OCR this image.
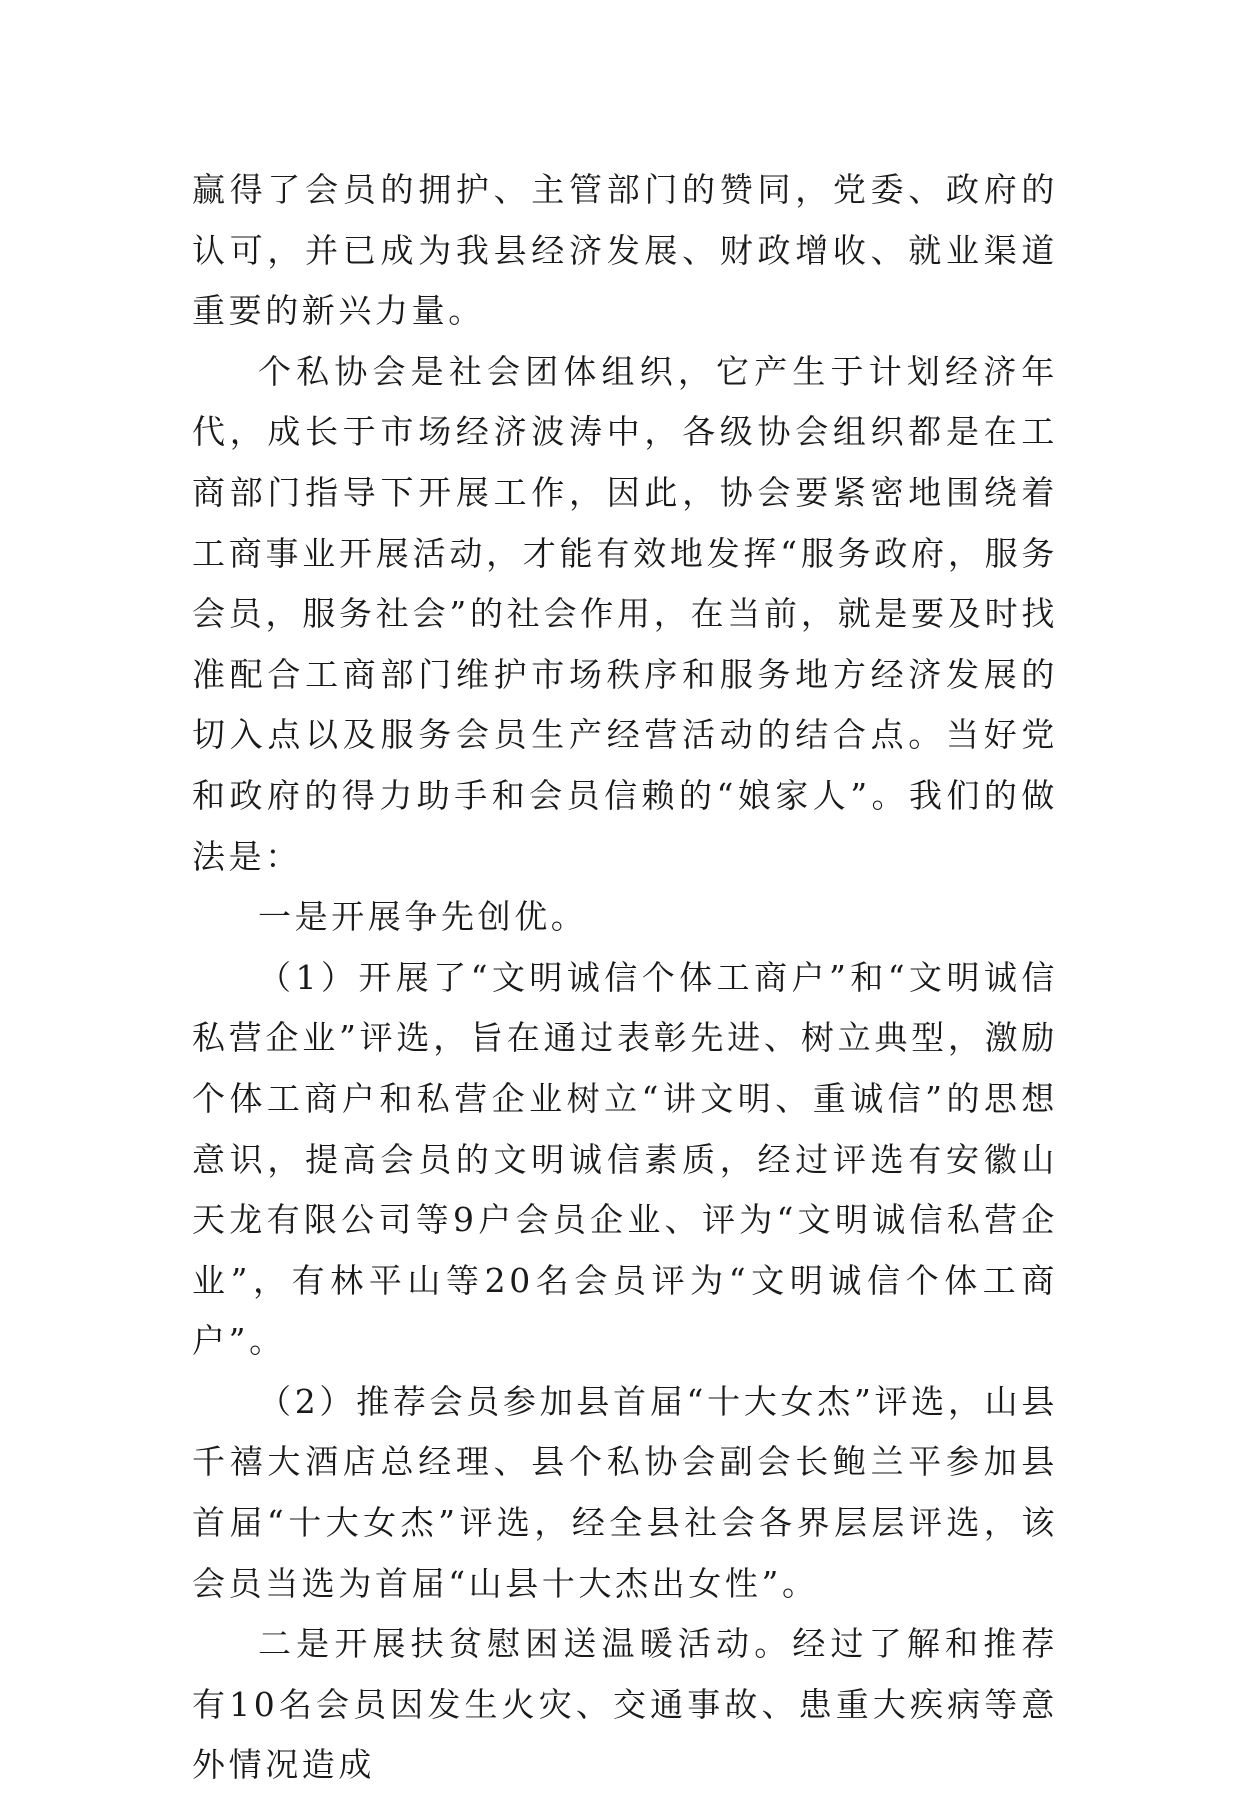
赢得了会员的拥护、主管部门的赞同，党委、政府的认可，并已成为我县经济发展、财政增收、就业渠道重要的新兴力量。

个私协会是社会团体组织，它产生于计划经济年代，成长于市场经济波涛中，各级协会组织都是在工商部门指导下开展工作，因此，协会要紧密地围绕着工商事业开展活动，才能有效地发挥“服务政府，服务会员，服务社会”的社会作用，在当前，就是要及时找准配合工商部门维护市场秩序和服务地方经济发展的切入点以及服务会员生产经营活动的结合点。当好党和政府的得力助手和会员信赖的“娘家人”。我们的做法是：

一是开展争先创优。

（1）开展了“文明诚信个体工商户”和“文明诚信私营企业”评选，旨在通过表彰先进、树立典型，激励个体工商户和私营企业树立“讲文明、重诚信”的思想意识，提高会员的文明诚信素质，经过评选有安徽山天龙有限公司等9户会员企业、评为“文明诚信私营企业”，有林平山等20名会员评为“文明诚信个体工商户”。

（2）推荐会员参加县首届“十大女杰”评选，山县千禧大酒店总经理、县个私协会副会长鲍兰平参加县首届“十大女杰”评选，经全县社会各界层层评选，该会员当选为首届“山县十大杰出女性”。

二是开展扶贫慰困送温暖活动。经过了解和推荐有10名会员因发生火灾、交通事故、患重大疾病等意外情况造成
